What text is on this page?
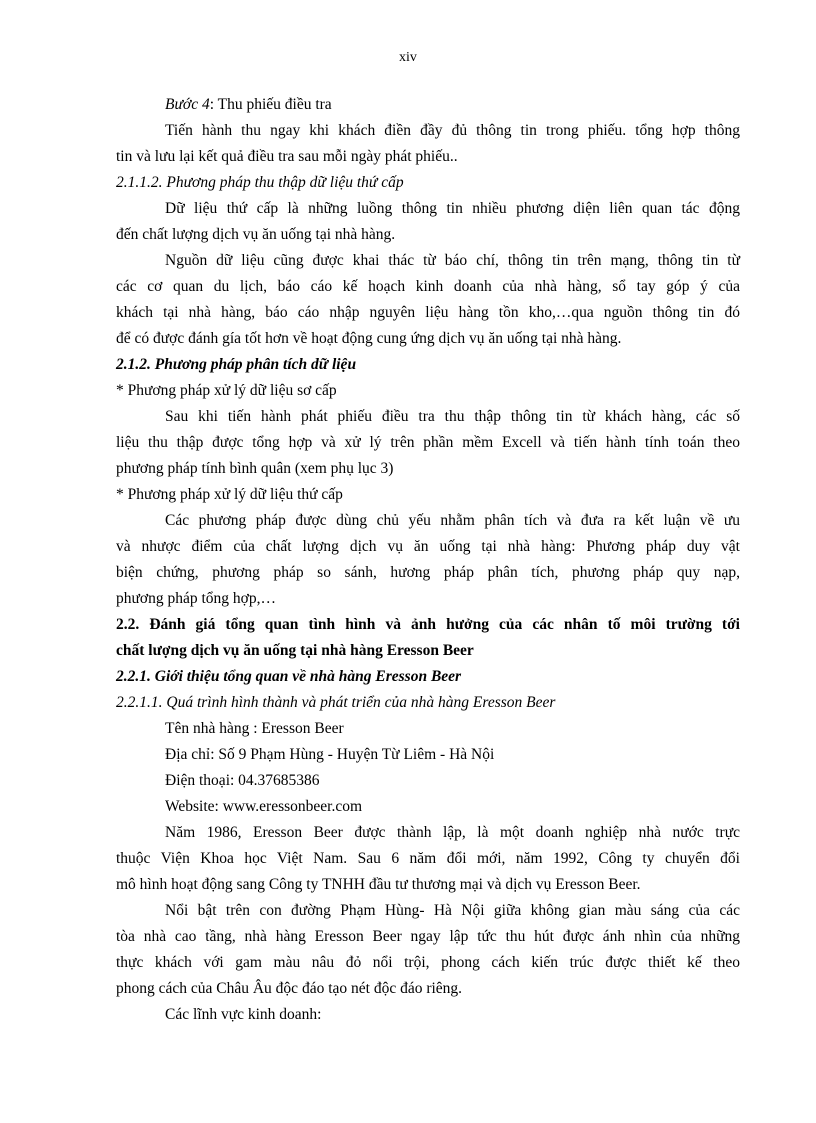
xiv
Bước 4: Thu phiếu điều tra
Tiến hành thu ngay khi khách điền đầy đủ thông tin trong phiếu. tổng hợp thông
tin và lưu lại kết quả điều tra sau mỗi ngày phát phiếu..
2.1.1.2. Phương pháp thu thập dữ liệu thứ cấp
Dữ liệu thứ cấp là những luồng thông tin nhiều phương diện liên quan tác động
đến chất lượng dịch vụ ăn uống tại nhà hàng.
Nguồn dữ liệu cũng được khai thác từ báo chí, thông tin trên mạng, thông tin từ
các cơ quan du lịch, báo cáo kế hoạch kinh doanh của nhà hàng, sổ tay góp ý của
khách tại nhà hàng, báo cáo nhập nguyên liệu hàng tồn kho,…qua nguồn thông tin đó
để có được đánh gía tốt hơn về hoạt động cung ứng dịch vụ ăn uống tại nhà hàng.
2.1.2. Phương pháp phân tích dữ liệu
* Phương pháp xử lý dữ liệu sơ cấp
Sau khi tiến hành phát phiếu điều tra thu thập thông tin từ khách hàng, các số
liệu thu thập được tổng hợp và xử lý trên phần mềm Excell và tiến hành tính toán theo
phương pháp tính bình quân (xem phụ lục 3)
* Phương pháp xử lý dữ liệu thứ cấp
Các phương pháp được dùng chủ yếu nhằm phân tích và đưa ra kết luận về ưu
và nhược điểm của chất lượng dịch vụ ăn uống tại nhà hàng: Phương pháp duy vật
biện chứng, phương pháp so sánh, hương pháp phân tích, phương pháp quy nạp,
phương pháp tổng hợp,…
2.2. Đánh giá tổng quan tình hình và ảnh hưởng của các nhân tố môi trường tới
chất lượng dịch vụ ăn uống tại nhà hàng Eresson Beer
2.2.1. Giới thiệu tổng quan về nhà hàng Eresson Beer
2.2.1.1. Quá trình hình thành và phát triển của nhà hàng Eresson Beer
Tên nhà hàng : Eresson Beer
Địa chỉ: Số 9 Phạm Hùng - Huyện Từ Liêm - Hà Nội
Điện thoại: 04.37685386
Website: www.eressonbeer.com
Năm 1986, Eresson Beer được thành lập, là một doanh nghiệp nhà nước trực
thuộc Viện Khoa học Việt Nam. Sau 6 năm đổi mới, năm 1992, Công ty chuyển đổi
mô hình hoạt động sang Công ty TNHH đầu tư thương mại và dịch vụ Eresson Beer.
Nổi bật trên con đường Phạm Hùng- Hà Nội giữa không gian màu sáng của các
tòa nhà cao tầng, nhà hàng Eresson Beer ngay lập tức thu hút được ánh nhìn của những
thực khách với gam màu nâu đỏ nổi trội, phong cách kiến trúc được thiết kế theo
phong cách của Châu Âu độc đáo tạo nét độc đáo riêng.
Các lĩnh vực kinh doanh:
